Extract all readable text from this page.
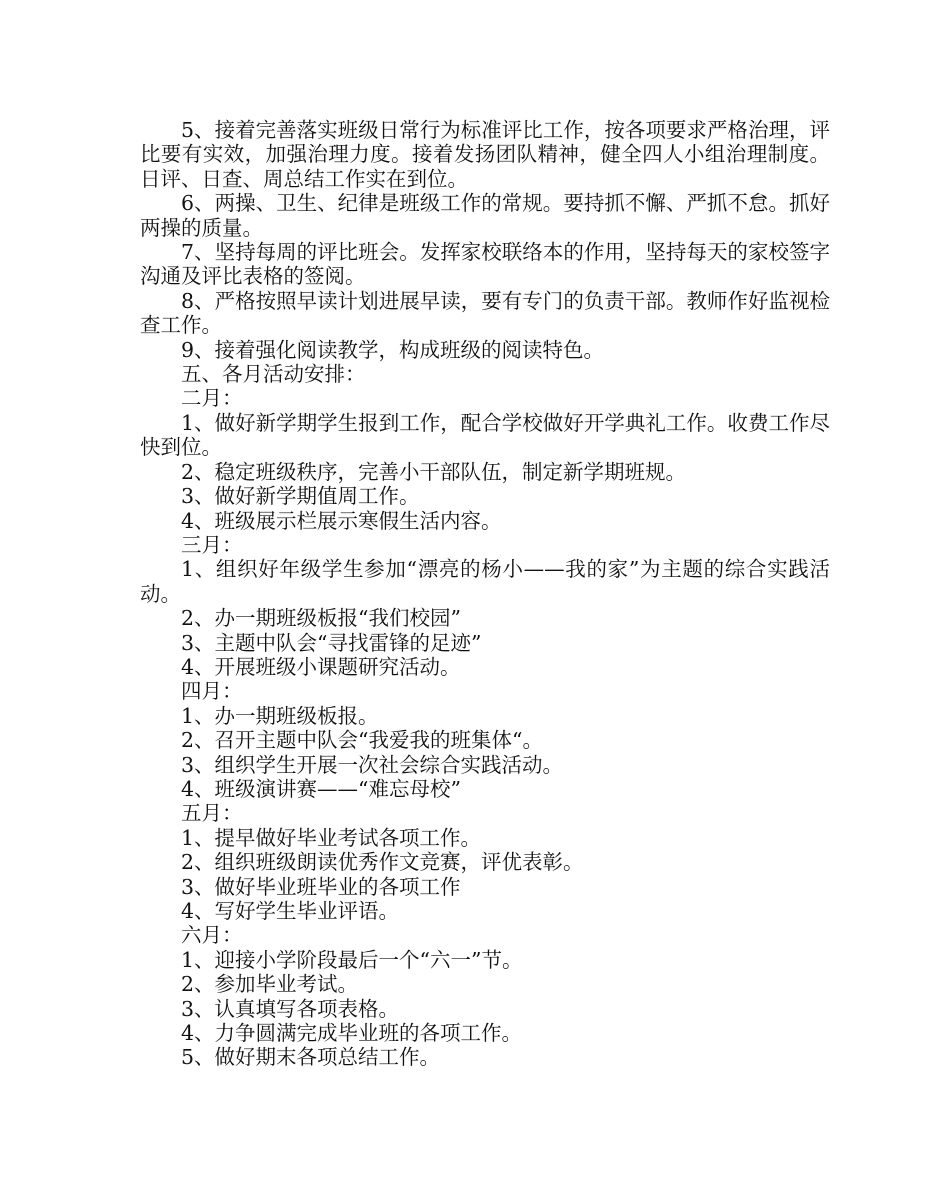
5、接着完善落实班级日常行为标准评比工作，按各项要求严格治理，评比要有实效，加强治理力度。接着发扬团队精神，健全四人小组治理制度。日评、日查、周总结工作实在到位。

6、两操、卫生、纪律是班级工作的常规。要持抓不懈、严抓不怠。抓好两操的质量。

7、坚持每周的评比班会。发挥家校联络本的作用，坚持每天的家校签字沟通及评比表格的签阅。

8、严格按照早读计划进展早读，要有专门的负责干部。教师作好监视检查工作。

9、接着强化阅读教学，构成班级的阅读特色。

五、各月活动安排：

二月：

1、做好新学期学生报到工作，配合学校做好开学典礼工作。收费工作尽快到位。

2、稳定班级秩序，完善小干部队伍，制定新学期班规。

3、做好新学期值周工作。

4、班级展示栏展示寒假生活内容。

三月：

1、组织好年级学生参加“漂亮的杨小——我的家”为主题的综合实践活动。

2、办一期班级板报“我们校园”

3、主题中队会“寻找雷锋的足迹”

4、开展班级小课题研究活动。

四月：

1、办一期班级板报。

2、召开主题中队会“我爱我的班集体“。

3、组织学生开展一次社会综合实践活动。

4、班级演讲赛——“难忘母校”

五月：

1、提早做好毕业考试各项工作。

2、组织班级朗读优秀作文竞赛，评优表彰。

3、做好毕业班毕业的各项工作

4、写好学生毕业评语。

六月：

1、迎接小学阶段最后一个“六一”节。

2、参加毕业考试。

3、认真填写各项表格。

4、力争圆满完成毕业班的各项工作。

5、做好期末各项总结工作。
